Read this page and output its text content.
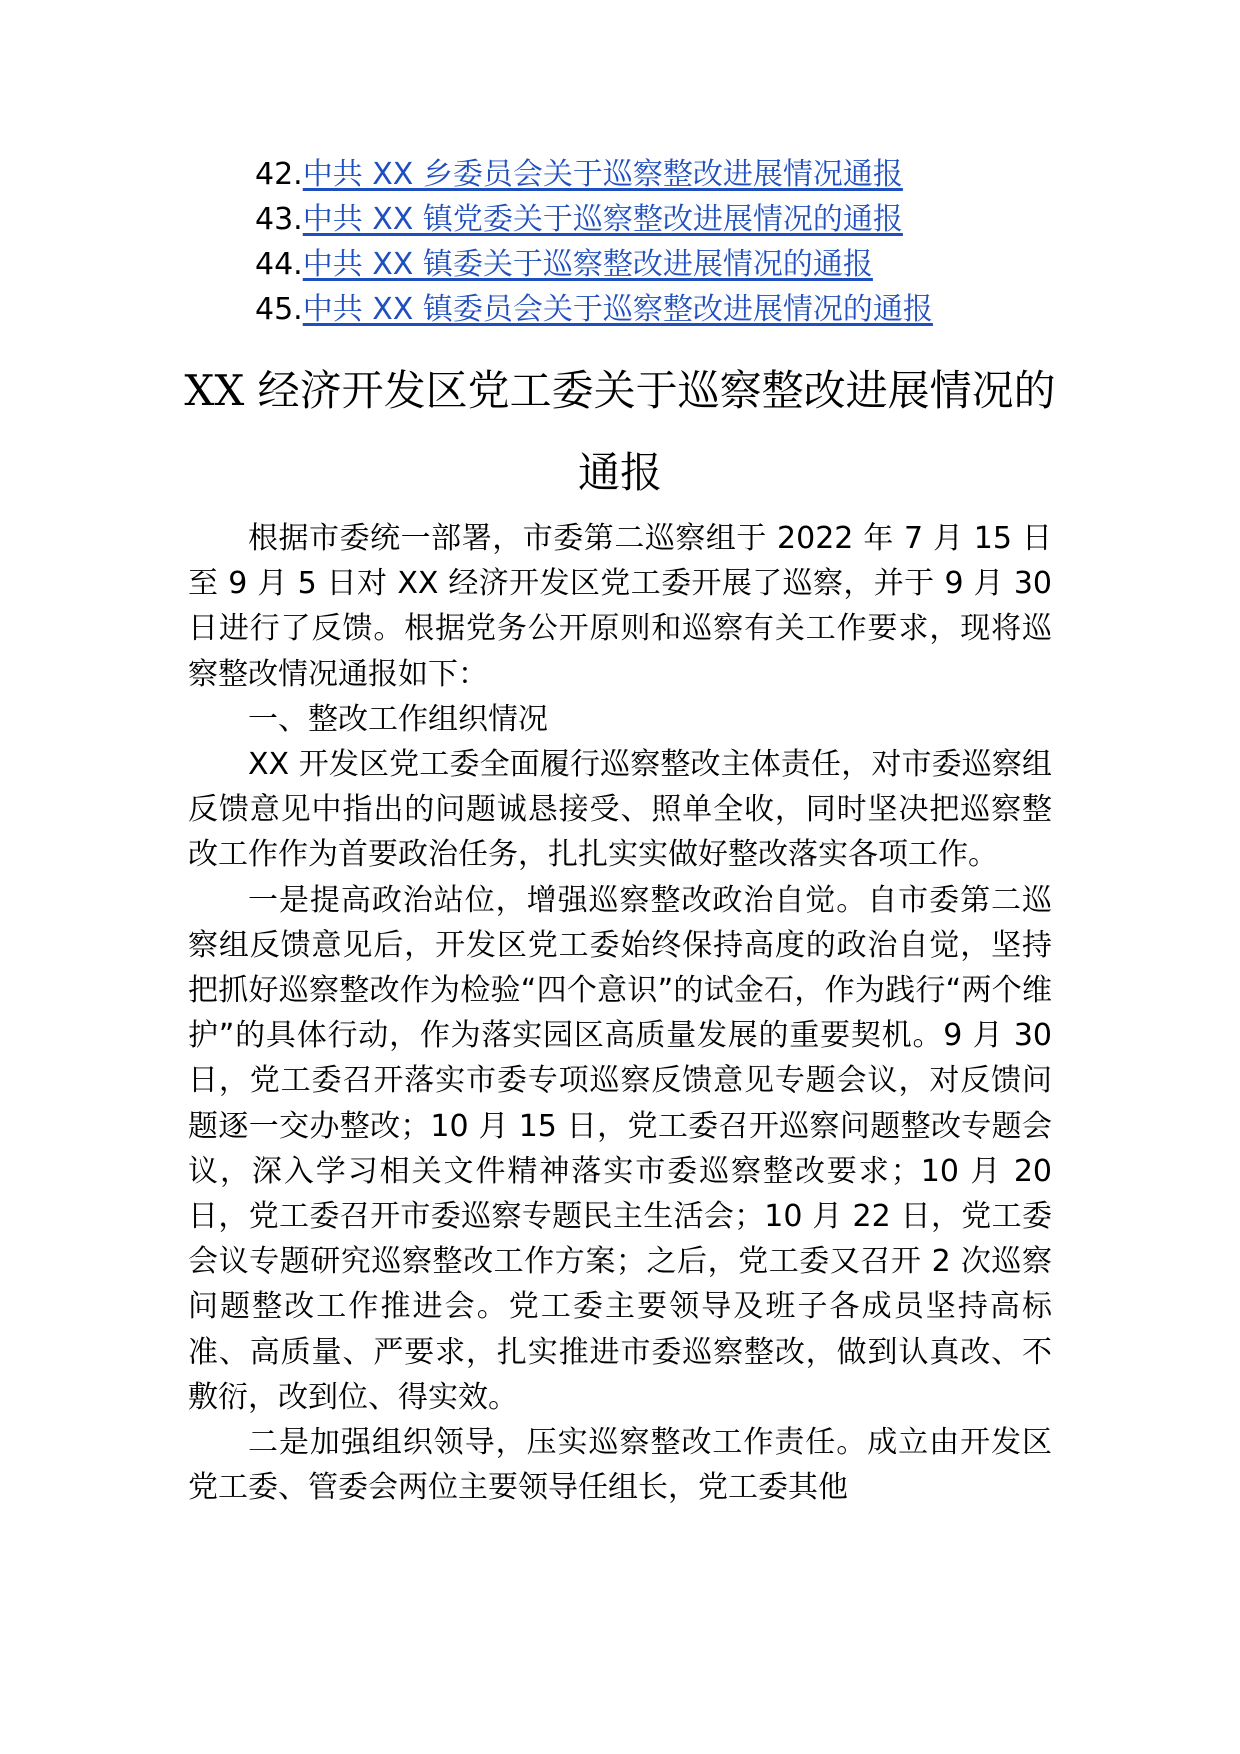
42.中共 XX 乡委员会关于巡察整改进展情况通报
43.中共 XX 镇党委关于巡察整改进展情况的通报
44.中共 XX 镇委关于巡察整改进展情况的通报
45.中共 XX 镇委员会关于巡察整改进展情况的通报
XX 经济开发区党工委关于巡察整改进展情况的通报

根据市委统一部署，市委第二巡察组于 2022 年 7 月 15 日至 9 月 5 日对 XX 经济开发区党工委开展了巡察，并于 9 月 30 日进行了反馈。根据党务公开原则和巡察有关工作要求，现将巡察整改情况通报如下：

一、整改工作组织情况

XX 开发区党工委全面履行巡察整改主体责任，对市委巡察组反馈意见中指出的问题诚恳接受、照单全收，同时坚决把巡察整改工作作为首要政治任务，扎扎实实做好整改落实各项工作。

一是提高政治站位，增强巡察整改政治自觉。自市委第二巡察组反馈意见后，开发区党工委始终保持高度的政治自觉，坚持把抓好巡察整改作为检验“四个意识”的试金石，作为践行“两个维护”的具体行动，作为落实园区高质量发展的重要契机。9 月 30 日，党工委召开落实市委专项巡察反馈意见专题会议，对反馈问题逐一交办整改；10 月 15 日，党工委召开巡察问题整改专题会议，深入学习相关文件精神落实市委巡察整改要求；10 月 20 日，党工委召开市委巡察专题民主生活会；10 月 22 日，党工委会议专题研究巡察整改工作方案；之后，党工委又召开 2 次巡察问题整改工作推进会。党工委主要领导及班子各成员坚持高标准、高质量、严要求，扎实推进市委巡察整改，做到认真改、不敷衍，改到位、得实效。

二是加强组织领导，压实巡察整改工作责任。成立由开发区党工委、管委会两位主要领导任组长，党工委其他
